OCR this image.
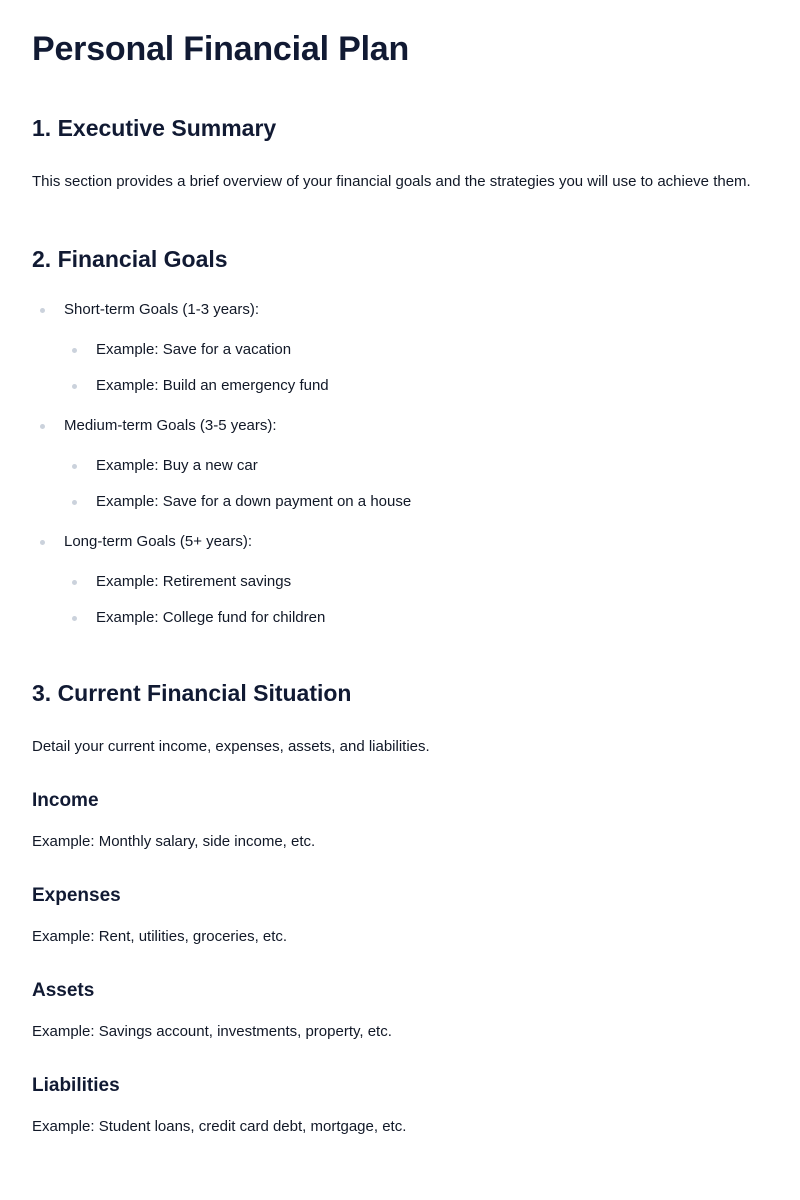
Personal Financial Plan
1. Executive Summary

This section provides a brief overview of your financial goals and the strategies you will use to achieve them.

2. Financial Goals
Short-term Goals (1-3 years):
Example: Save for a vacation
Example: Build an emergency fund
Medium-term Goals (3-5 years):
Example: Buy a new car
Example: Save for a down payment on a house
Long-term Goals (5+ years):
Example: Retirement savings
Example: College fund for children
3. Current Financial Situation

Detail your current income, expenses, assets, and liabilities.

Income

Example: Monthly salary, side income, etc.

Expenses

Example: Rent, utilities, groceries, etc.

Assets

Example: Savings account, investments, property, etc.

Liabilities

Example: Student loans, credit card debt, mortgage, etc.
